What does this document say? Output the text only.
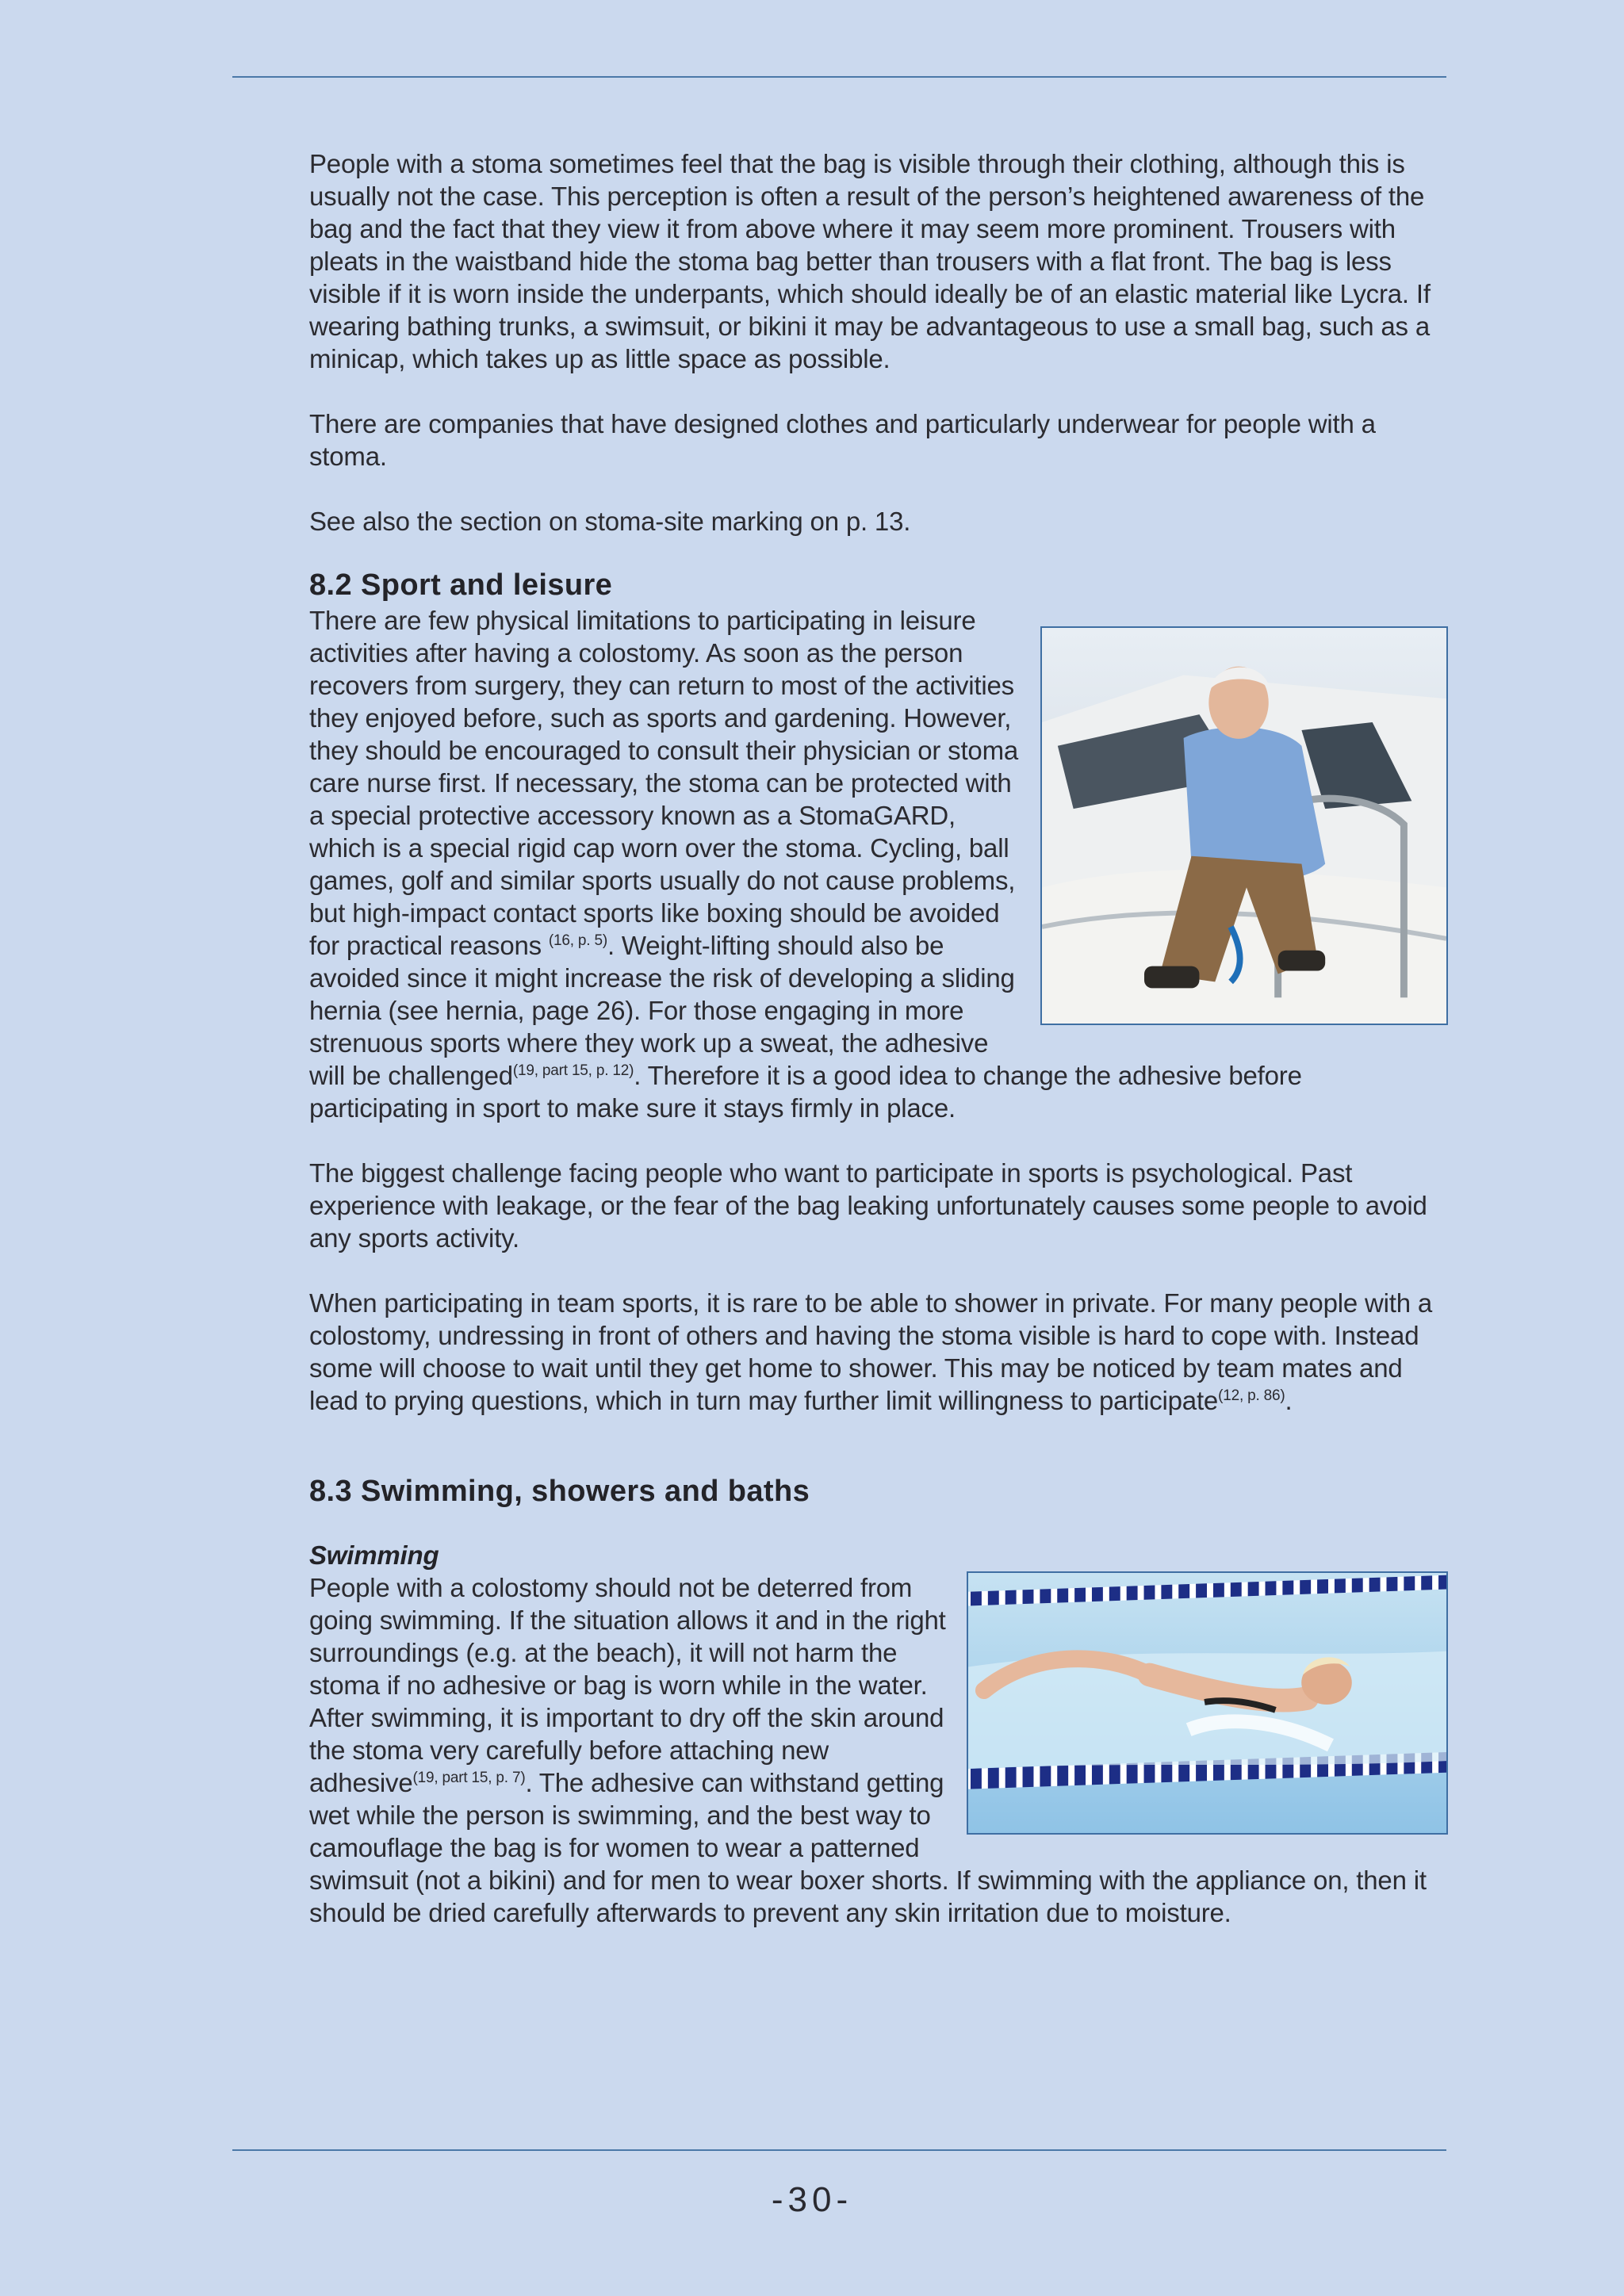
People with a stoma sometimes feel that the bag is visible through their clothing, although this is usually not the case. This perception is often a result of the person’s heightened awareness of the bag and the fact that they view it from above where it may seem more prominent. Trousers with pleats in the waistband hide the stoma bag better than trousers with a flat front. The bag is less visible if it is worn inside the underpants, which should ideally be of an elastic material like Lycra. If wearing bathing trunks, a swimsuit, or bikini it may be advantageous to use a small bag, such as a minicap, which takes up as little space as possible.

There are companies that have designed clothes and particularly underwear for people with a stoma.

See also the section on stoma-site marking on p. 13.

8.2 Sport and leisure

There are few physical limitations to participating in leisure activities after having a colostomy. As soon as the person recovers from surgery, they can return to most of the activities they enjoyed before, such as sports and gardening. However, they should be encouraged to consult their physician or stoma care nurse first. If necessary, the stoma can be protected with a special protective accessory known as a StomaGARD, which is a special rigid cap worn over the stoma. Cycling, ball games, golf and similar sports usually do not cause problems, but high-impact contact sports like boxing should be avoided for practical reasons $^{(16, p. 5)}$. Weight-lifting should also be avoided since it might increase the risk of developing a sliding hernia (see hernia, page 26). For those engaging in more strenuous sports where they work up a sweat, the adhesive will be challenged$^{(19, part 15, p. 12)}$. Therefore it is a good idea to change the adhesive before participating in sport to make sure it stays firmly in place.

The biggest challenge facing people who want to participate in sports is psychological. Past experience with leakage, or the fear of the bag leaking unfortunately causes some people to avoid any sports activity.

When participating in team sports, it is rare to be able to shower in private. For many people with a colostomy, undressing in front of others and having the stoma visible is hard to cope with. Instead some will choose to wait until they get home to shower. This may be noticed by team mates and lead to prying questions, which in turn may further limit willingness to participate$^{(12, p. 86)}$.

8.3 Swimming, showers and baths

Swimming

People with a colostomy should not be deterred from going swimming. If the situation allows it and in the right surroundings (e.g. at the beach), it will not harm the stoma if no adhesive or bag is worn while in the water. After swimming, it is important to dry off the skin around the stoma very carefully before attaching new adhesive$^{(19, part 15, p. 7)}$. The adhesive can withstand getting wet while the person is swimming, and the best way to camouflage the bag is for women to wear a patterned swimsuit (not a bikini) and for men to wear boxer shorts. If swimming with the appliance on, then it should be dried carefully afterwards to prevent any skin irritation due to moisture.

-30-
